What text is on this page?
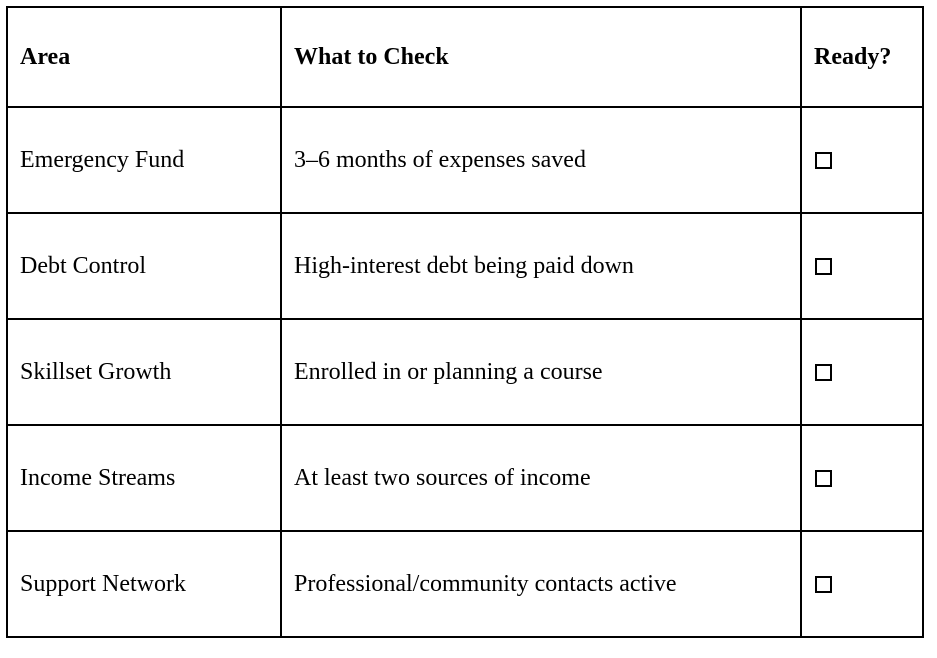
Area	What to Check	Ready?
Emergency Fund	3–6 months of expenses saved	
Debt Control	High-interest debt being paid down	
Skillset Growth	Enrolled in or planning a course	
Income Streams	At least two sources of income	
Support Network	Professional/community contacts active	
